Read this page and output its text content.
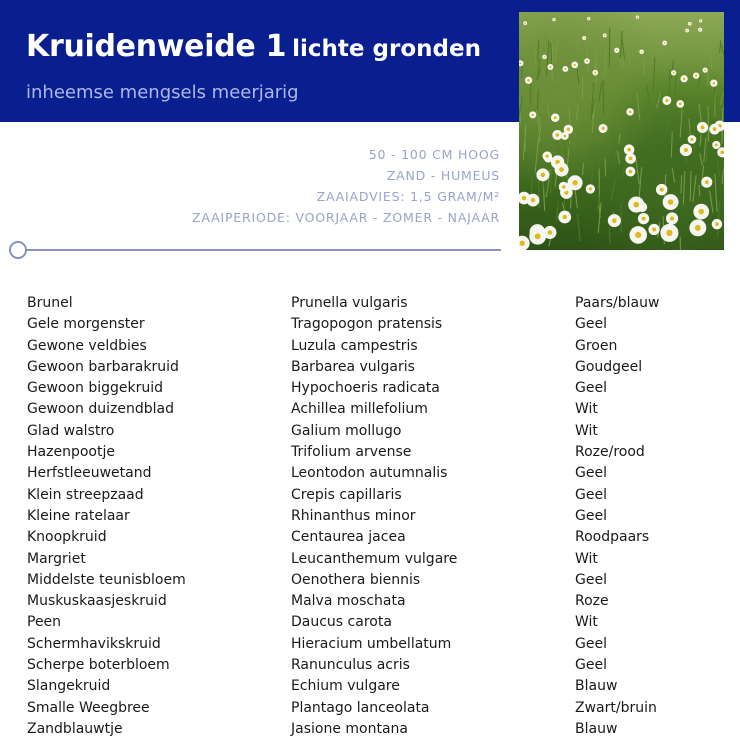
Kruidenweide 1 lichte gronden

inheemse mengsels meerjarig

50 - 100 CM HOOG
ZAND - HUMEUS
ZAAIADVIES: 1,5 GRAM/M²
ZAAIPERIODE: VOORJAAR - ZOMER - NAJAAR
Brunel	Prunella vulgaris	Paars/blauw
Gele morgenster	Tragopogon pratensis	Geel
Gewone veldbies	Luzula campestris	Groen
Gewoon barbarakruid	Barbarea vulgaris	Goudgeel
Gewoon biggekruid	Hypochoeris radicata	Geel
Gewoon duizendblad	Achillea millefolium	Wit
Glad walstro	Galium mollugo	Wit
Hazenpootje	Trifolium arvense	Roze/rood
Herfstleeuwetand	Leontodon autumnalis	Geel
Klein streepzaad	Crepis capillaris	Geel
Kleine ratelaar	Rhinanthus minor	Geel
Knoopkruid	Centaurea jacea	Roodpaars
Margriet	Leucanthemum vulgare	Wit
Middelste teunisbloem	Oenothera biennis	Geel
Muskuskaasjeskruid	Malva moschata	Roze
Peen	Daucus carota	Wit
Schermhavikskruid	Hieracium umbellatum	Geel
Scherpe boterbloem	Ranunculus acris	Geel
Slangekruid	Echium vulgare	Blauw
Smalle Weegbree	Plantago lanceolata	Zwart/bruin
Zandblauwtje	Jasione montana	Blauw
